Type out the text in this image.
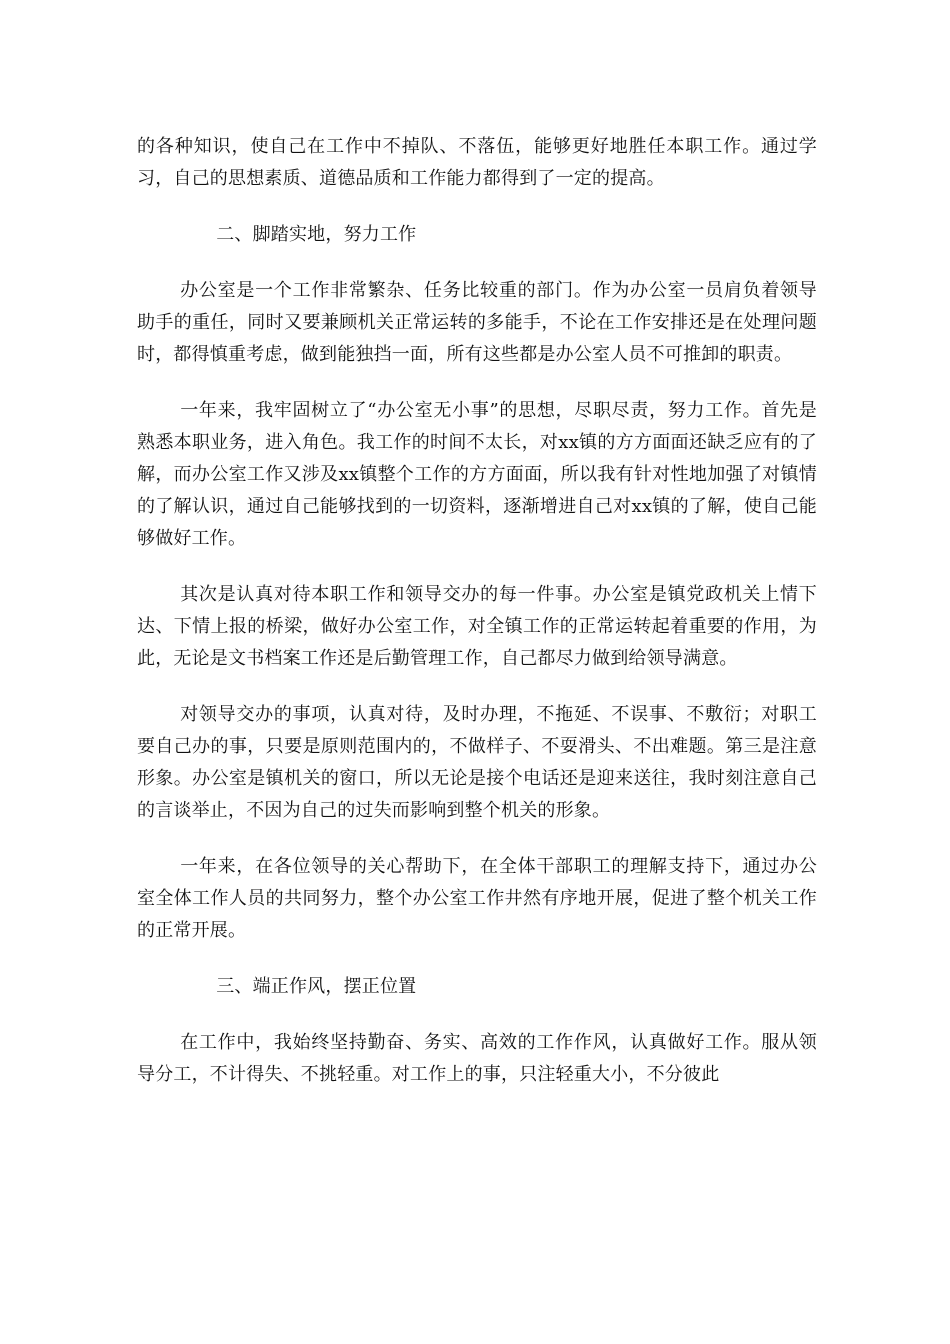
的各种知识，使自己在工作中不掉队、不落伍，能够更好地胜任本职工作。通过学习，自己的思想素质、道德品质和工作能力都得到了一定的提高。

二、脚踏实地，努力工作

办公室是一个工作非常繁杂、任务比较重的部门。作为办公室一员肩负着领导助手的重任，同时又要兼顾机关正常运转的多能手，不论在工作安排还是在处理问题时，都得慎重考虑，做到能独挡一面，所有这些都是办公室人员不可推卸的职责。

一年来，我牢固树立了“办公室无小事”的思想，尽职尽责，努力工作。首先是熟悉本职业务，进入角色。我工作的时间不太长，对xx镇的方方面面还缺乏应有的了解，而办公室工作又涉及xx镇整个工作的方方面面，所以我有针对性地加强了对镇情的了解认识，通过自己能够找到的一切资料，逐渐增进自己对xx镇的了解，使自己能够做好工作。

其次是认真对待本职工作和领导交办的每一件事。办公室是镇党政机关上情下达、下情上报的桥梁，做好办公室工作，对全镇工作的正常运转起着重要的作用，为此，无论是文书档案工作还是后勤管理工作，自己都尽力做到给领导满意。

对领导交办的事项，认真对待，及时办理，不拖延、不误事、不敷衍；对职工要自己办的事，只要是原则范围内的，不做样子、不耍滑头、不出难题。第三是注意形象。办公室是镇机关的窗口，所以无论是接个电话还是迎来送往，我时刻注意自己的言谈举止，不因为自己的过失而影响到整个机关的形象。

一年来，在各位领导的关心帮助下，在全体干部职工的理解支持下，通过办公室全体工作人员的共同努力，整个办公室工作井然有序地开展，促进了整个机关工作的正常开展。

三、端正作风，摆正位置

在工作中，我始终坚持勤奋、务实、高效的工作作风，认真做好工作。服从领导分工，不计得失、不挑轻重。对工作上的事，只注轻重大小，不分彼此
